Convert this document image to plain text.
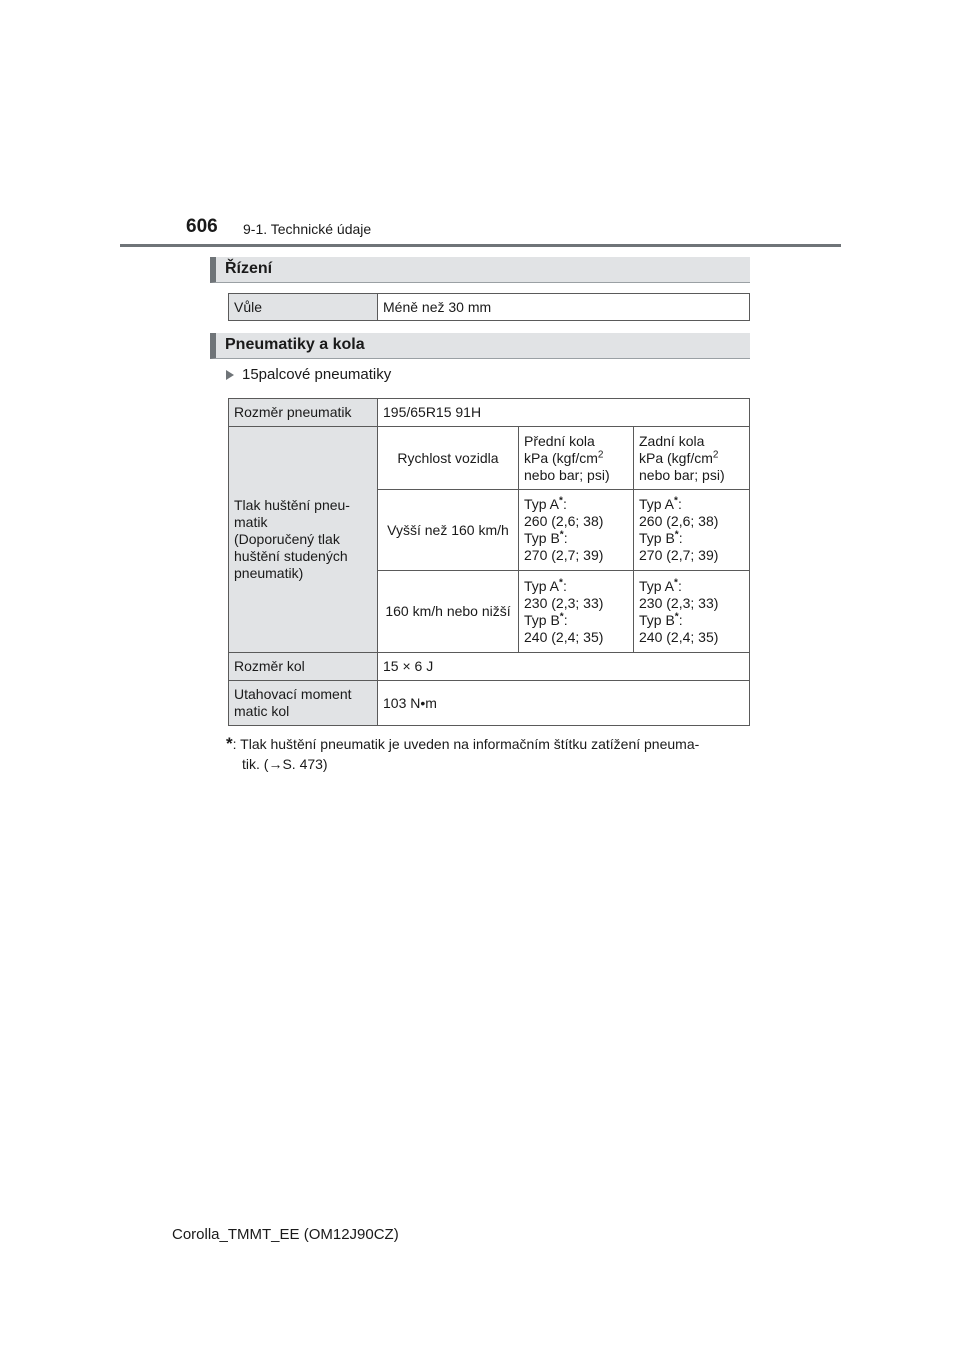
606 9-1. Technické údaje
Řízení
Vůle	Méně než 30 mm
Pneumatiky a kola
15palcové pneumatiky
Rozměr pneumatik	195/65R15 91H		
Tlak huštění pneu-
matik
(Doporučený tlak
huštění studených
pneumatik)	Rychlost vozidla	Přední kola
kPa ($kgf/cm^2$
nebo bar; psi)	Zadní kola
kPa ($kgf/cm^2$
nebo bar; psi)
	Vyšší než 160 km/h	Typ A*:
260 (2,6; 38)
Typ B*:
270 (2,7; 39)	Typ A*:
260 (2,6; 38)
Typ B*:
270 (2,7; 39)
	160 km/h nebo nižší	Typ A*:
230 (2,3; 33)
Typ B*:
240 (2,4; 35)	Typ A*:
230 (2,3; 33)
Typ B*:
240 (2,4; 35)
Rozměr kol	15 × 6 J		
Utahovací moment
matic kol	103 N•m		
*: Tlak huštění pneumatik je uveden na informačním štítku zatížení pneuma-
tik. (→S. 473)
Corolla_TMMT_EE (OM12J90CZ)
